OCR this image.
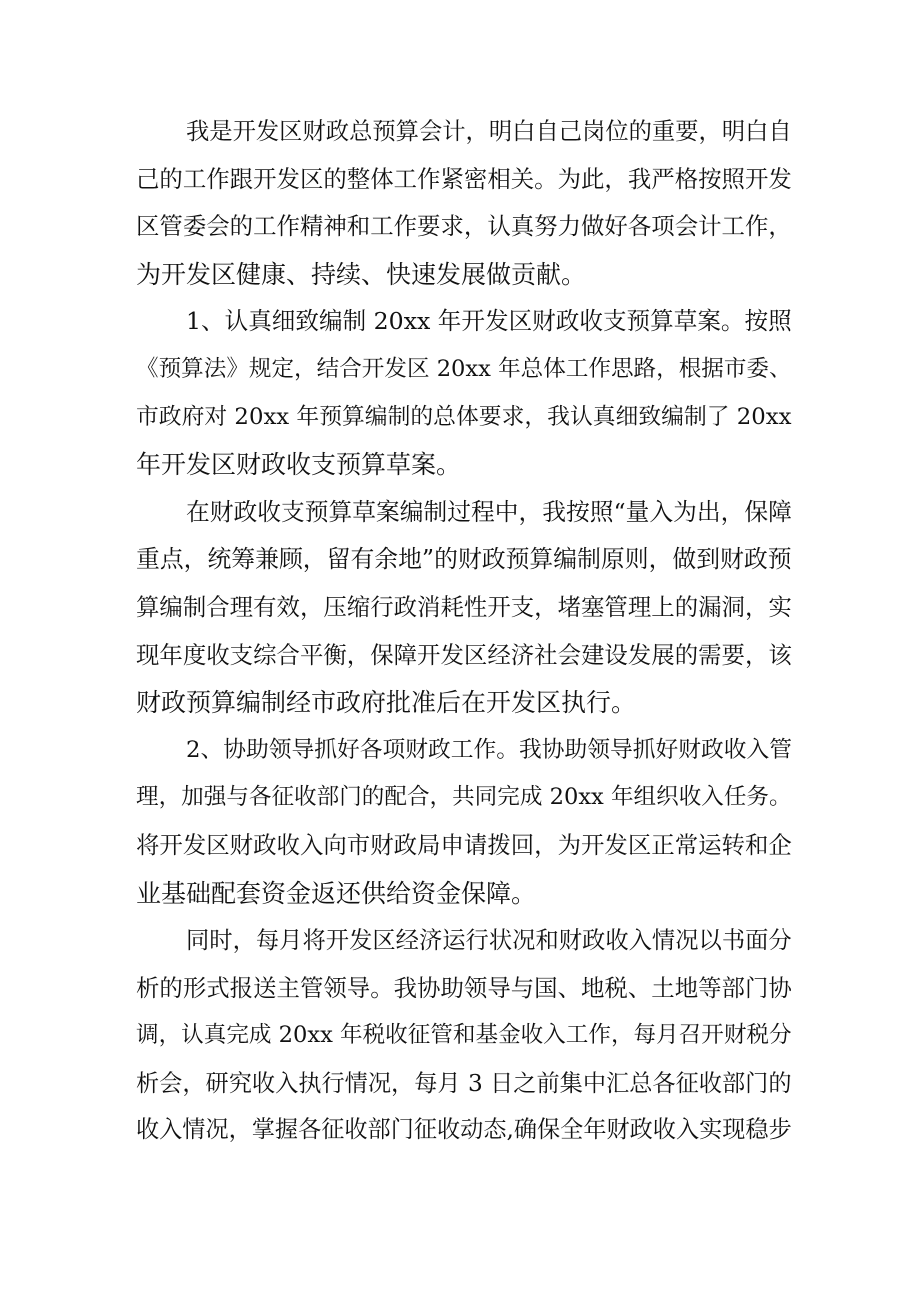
我是开发区财政总预算会计，明白自己岗位的重要，明白自
己的工作跟开发区的整体工作紧密相关。为此，我严格按照开发
区管委会的工作精神和工作要求，认真努力做好各项会计工作，
为开发区健康、持续、快速发展做贡献。

1、认真细致编制 20xx 年开发区财政收支预算草案。按照
《预算法》规定，结合开发区 20xx 年总体工作思路，根据市委、
市政府对 20xx 年预算编制的总体要求，我认真细致编制了 20xx
年开发区财政收支预算草案。

在财政收支预算草案编制过程中，我按照“量入为出，保障
重点，统筹兼顾，留有余地”的财政预算编制原则，做到财政预
算编制合理有效，压缩行政消耗性开支，堵塞管理上的漏洞，实
现年度收支综合平衡，保障开发区经济社会建设发展的需要，该
财政预算编制经市政府批准后在开发区执行。

2、协助领导抓好各项财政工作。我协助领导抓好财政收入管
理，加强与各征收部门的配合，共同完成 20xx 年组织收入任务。
将开发区财政收入向市财政局申请拨回，为开发区正常运转和企
业基础配套资金返还供给资金保障。

同时，每月将开发区经济运行状况和财政收入情况以书面分
析的形式报送主管领导。我协助领导与国、地税、土地等部门协
调，认真完成 20xx 年税收征管和基金收入工作，每月召开财税分
析会，研究收入执行情况，每月 3 日之前集中汇总各征收部门的
收入情况，掌握各征收部门征收动态,确保全年财政收入实现稳步
